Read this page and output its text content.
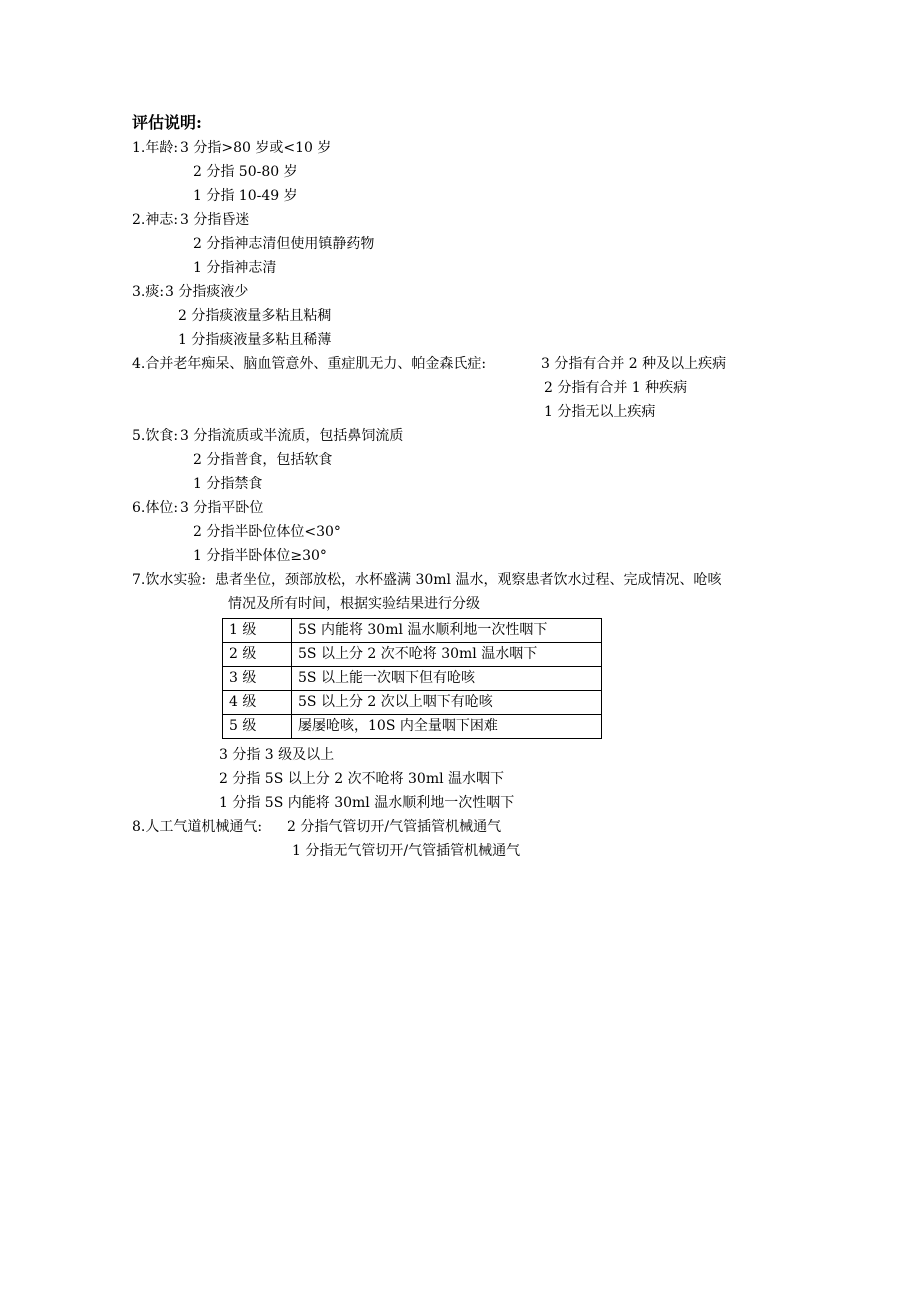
评估说明:
1.年龄: 3 分指>80 岁或<10 岁
2 分指 50-80 岁
1 分指 10-49 岁
2.神志: 3 分指昏迷
2 分指神志清但使用镇静药物
1 分指神志清
3.痰: 3 分指痰液少
2 分指痰液量多粘且粘稠
1 分指痰液量多粘且稀薄
4.合并老年痴呆、脑血管意外、重症肌无力、帕金森氏症:	3 分指有合并 2 种及以上疾病
2 分指有合并 1 种疾病
1 分指无以上疾病
5.饮食: 3 分指流质或半流质，包括鼻饲流质
2 分指普食，包括软食
1 分指禁食
6.体位: 3 分指平卧位
2 分指半卧位体位<30°
1 分指半卧体位≥30°
7.饮水实验: 患者坐位，颈部放松，水杯盛满 30ml 温水，观察患者饮水过程、完成情况、呛咳
情况及所有时间，根据实验结果进行分级
1 级	5S 内能将 30ml 温水顺利地一次性咽下
2 级	5S 以上分 2 次不呛将 30ml 温水咽下
3 级	5S 以上能一次咽下但有呛咳
4 级	5S 以上分 2 次以上咽下有呛咳
5 级	屡屡呛咳，10S 内全量咽下困难
3 分指 3 级及以上
2 分指 5S 以上分 2 次不呛将 30ml 温水咽下
1 分指 5S 内能将 30ml 温水顺利地一次性咽下
8.人工气道机械通气: 2 分指气管切开/气管插管机械通气
1 分指无气管切开/气管插管机械通气
